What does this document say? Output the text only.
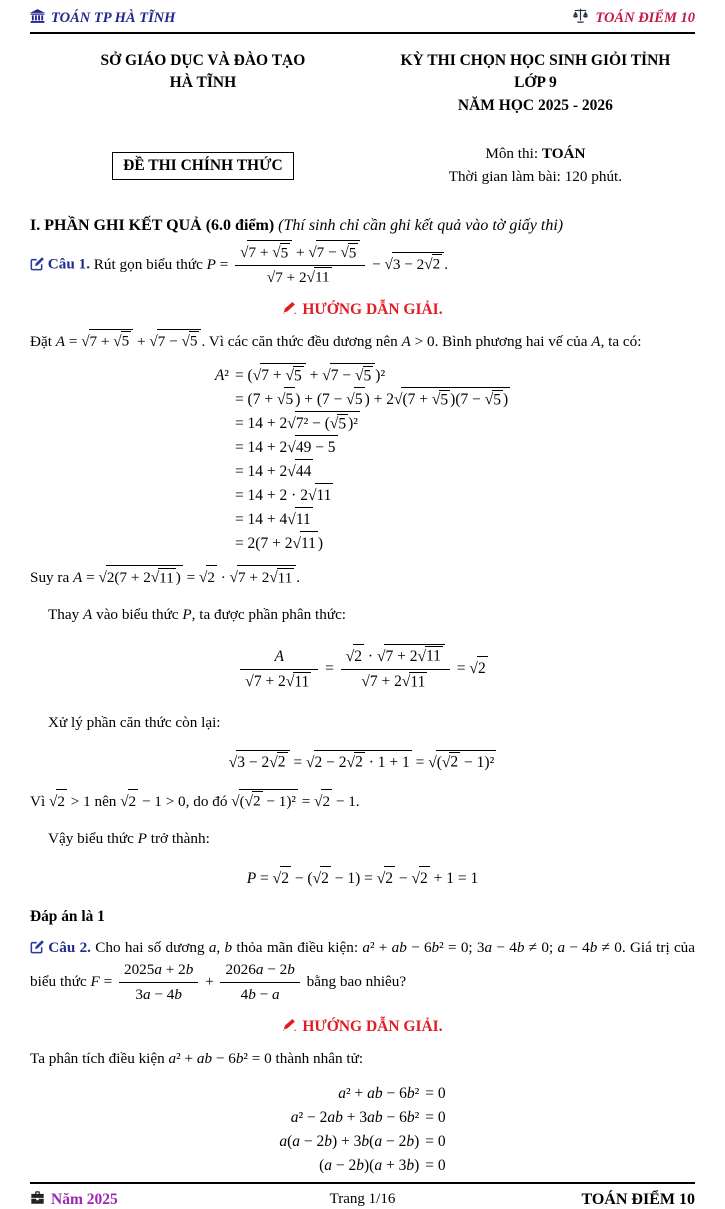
TOÁN TP HÀ TĨNH	TOÁN ĐIỂM 10
SỞ GIÁO DỤC VÀ ĐÀO TẠO
HÀ TĨNH
KỲ THI CHỌN HỌC SINH GIỎI TỈNH
LỚP 9
NĂM HỌC 2025 - 2026
ĐỀ THI CHÍNH THỨC
Môn thi: TOÁN
Thời gian làm bài: 120 phút.
I. PHẦN GHI KẾT QUẢ (6.0 điểm) (Thí sinh chỉ cần ghi kết quả vào tờ giấy thi)

Câu 1. Rút gọn biểu thức $P = \frac{√7 + √5 + √7 - √5}{√7 + 2√11} - √3 - 2√2$ .

HƯỚNG DẪN GIẢI.

Đặt A = √7 + √5 + √7 − √5 . Vì các căn thức đều dương nên A > 0. Bình phương hai vế của A, ta có:

A²	= (√7 + √5 + √7 − √5 )²
	= (7 + √5 ) + (7 − √5 ) + 2√(7 + √5 )(7 − √5 )
	= 14 + 2√7² − (√5 )²
	= 14 + 2√49 − 5
	= 14 + 2√44
	= 14 + 2 · 2√11
	= 14 + 4√11
	= 2(7 + 2√11 )

Suy ra A = √2(7 + 2√11 ) = √2 · √7 + 2√11 .

Thay A vào biểu thức P, ta được phần phân thức:

$\frac{A}{√7 + 2√11} = \frac{√2 \cdot √7 + 2√11}{√7 + 2√11} = √2$

Xử lý phần căn thức còn lại:

√3 − 2√2 = √2 − 2√2 · 1 + 1 = √(√2 − 1)²

Vì √2 > 1 nên √2 − 1 > 0, do đó √(√2 − 1)² = √2 − 1.

Vậy biểu thức P trở thành:

P = √2 − (√2 − 1) = √2 − √2 + 1 = 1
Đáp án là 1

Câu 2. Cho hai số dương a, b thỏa mãn điều kiện: a² + ab − 6b² = 0; 3a − 4b ≠ 0; a − 4b ≠ 0. Giá trị của biểu thức $F = \frac{2025a + 2b}{3a - 4b} + \frac{2026a - 2b}{4b - a}$ bằng bao nhiêu?

HƯỚNG DẪN GIẢI.

Ta phân tích điều kiện a² + ab − 6b² = 0 thành nhân tử:

a² + ab − 6b²	= 0
a² − 2ab + 3ab − 6b²	= 0
a(a − 2b) + 3b(a − 2b)	= 0
(a − 2b)(a + 3b)	= 0
Năm 2025	Trang 1/16	TOÁN ĐIỂM 10
